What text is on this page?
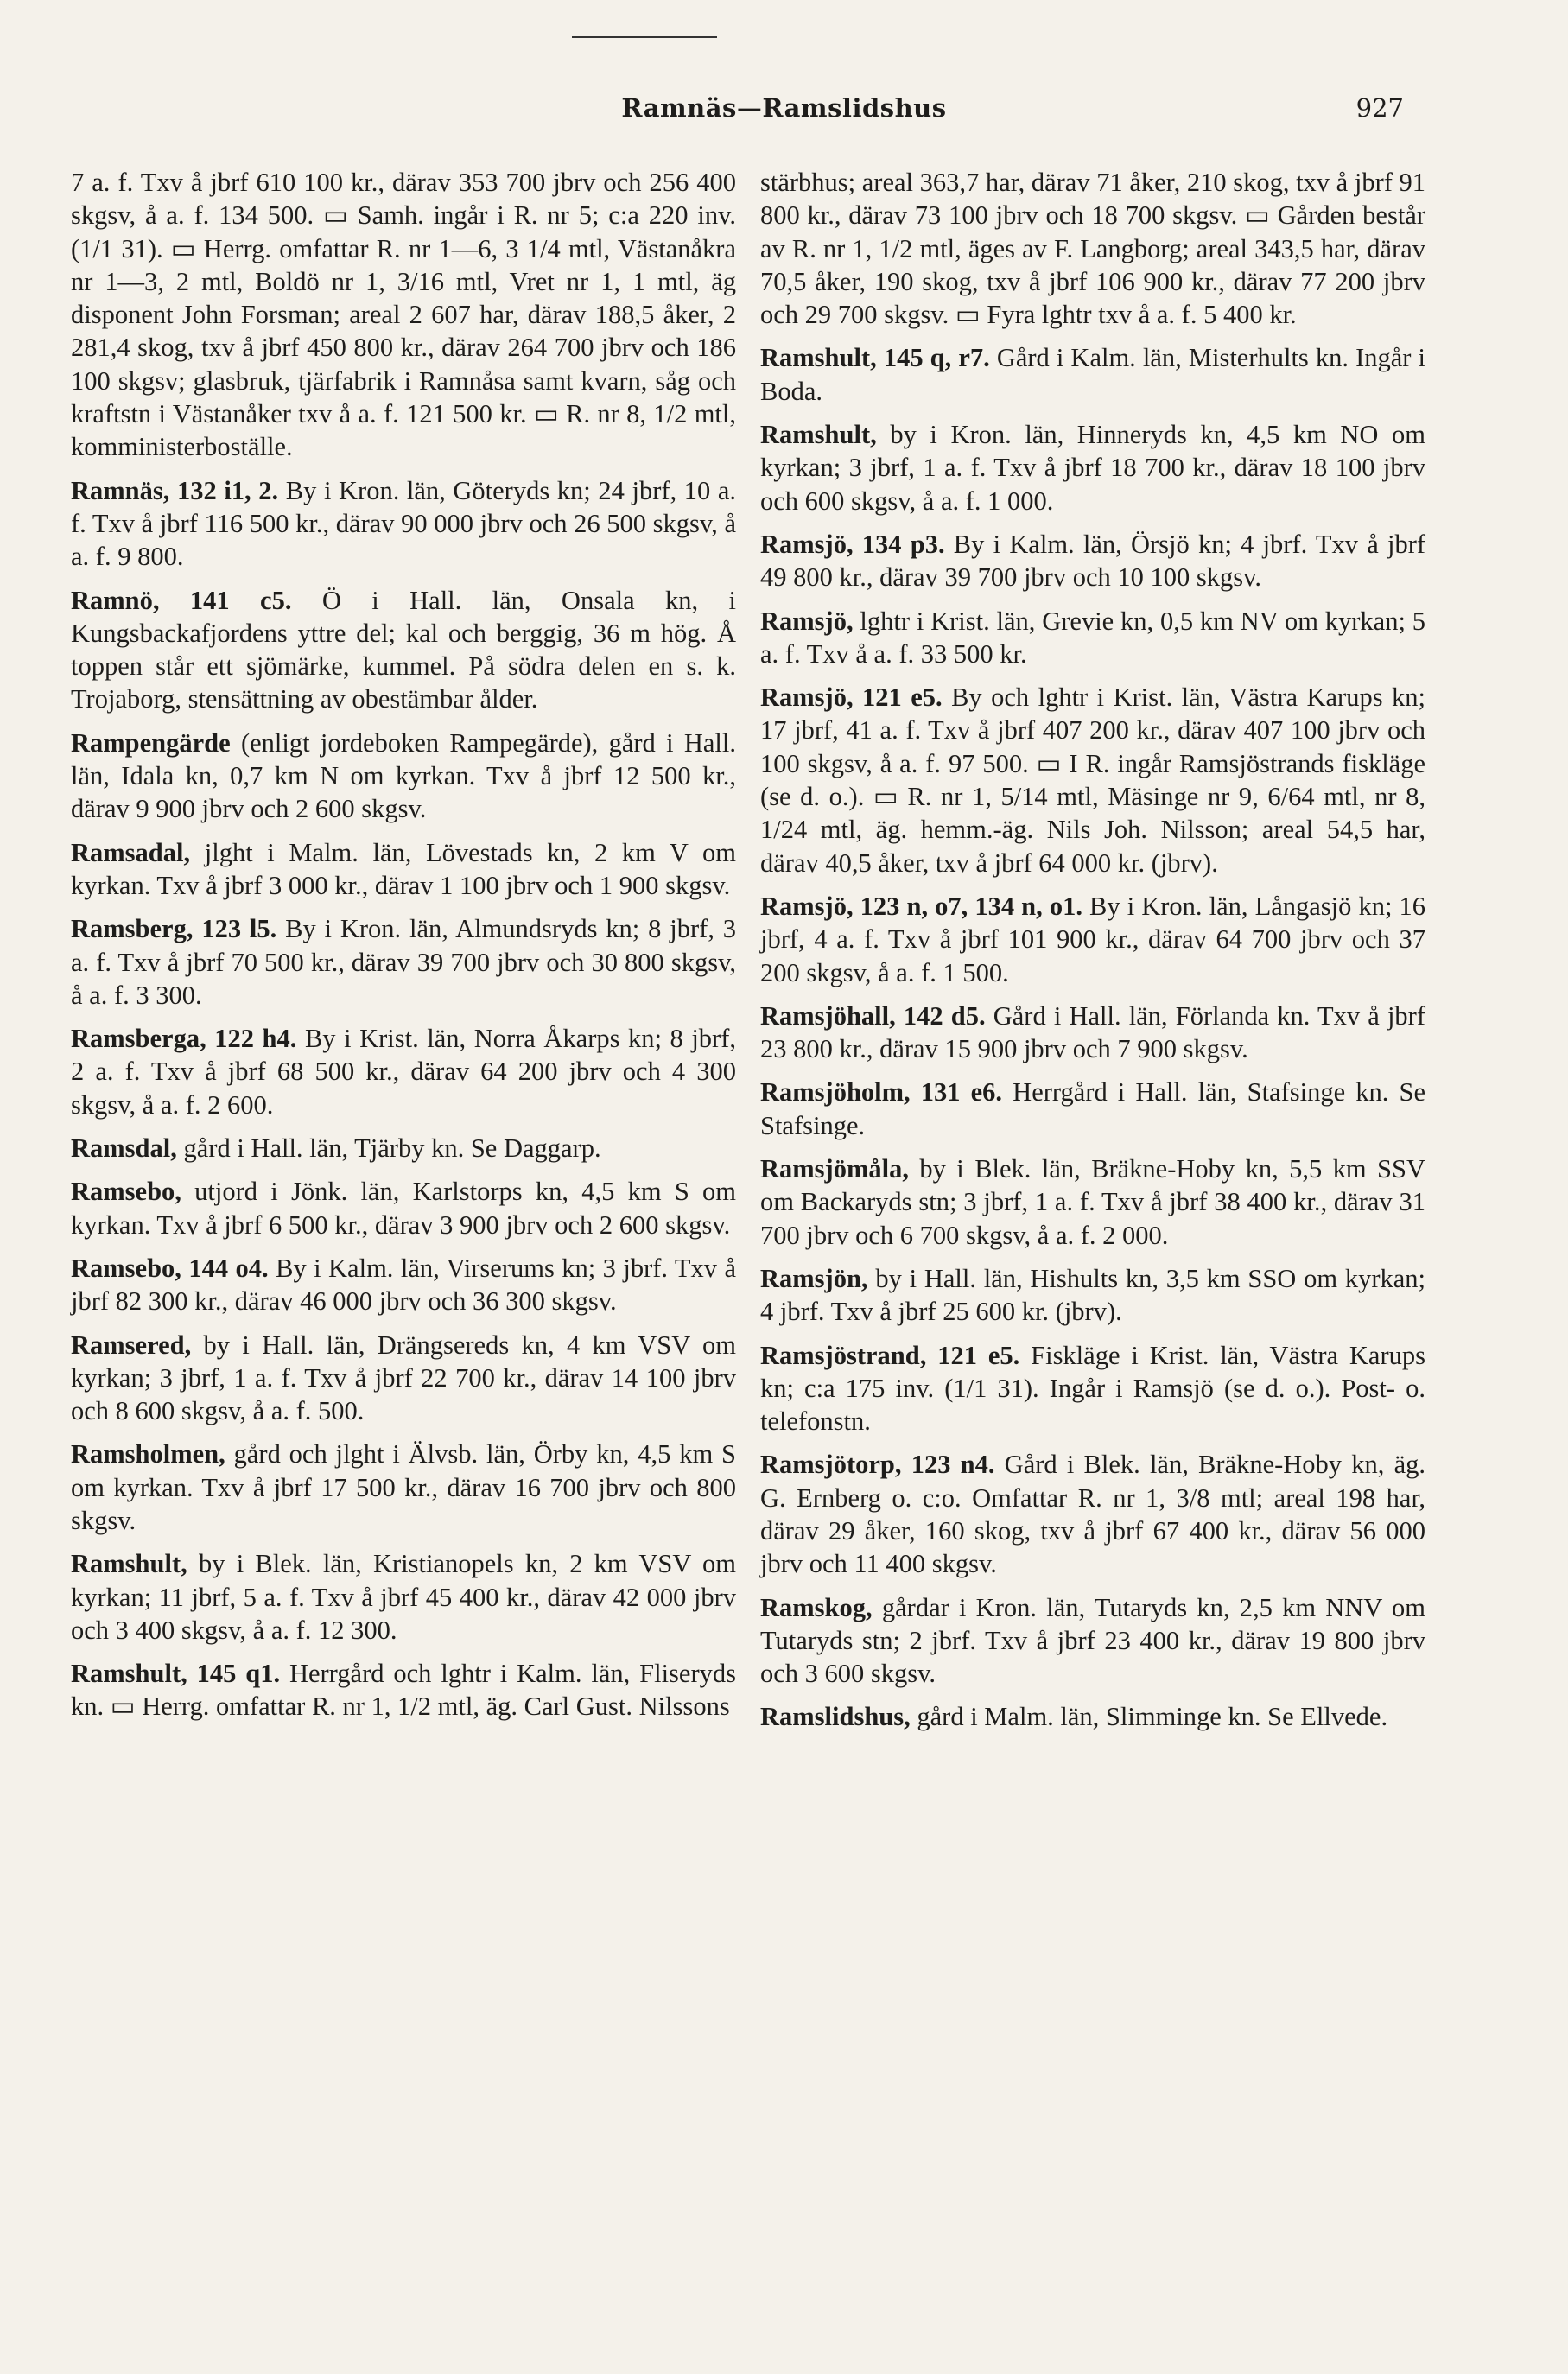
Ramnäs—Ramslidshus	927

7 a. f. Txv å jbrf 610 100 kr., därav 353 700 jbrv och 256 400 skgsv, å a. f. 134 500. ▭ Samh. ingår i R. nr 5; c:a 220 inv. (1/1 31). ▭ Herrg. omfattar R. nr 1—6, 3 1/4 mtl, Västanåkra nr 1—3, 2 mtl, Boldö nr 1, 3/16 mtl, Vret nr 1, 1 mtl, äg disponent John Forsman; areal 2 607 har, därav 188,5 åker, 2 281,4 skog, txv å jbrf 450 800 kr., därav 264 700 jbrv och 186 100 skgsv; glasbruk, tjärfabrik i Ramnåsa samt kvarn, såg och kraftstn i Västanåker txv å a. f. 121 500 kr. ▭ R. nr 8, 1/2 mtl, komministerboställe.

Ramnäs, 132 i1, 2. By i Kron. län, Göteryds kn; 24 jbrf, 10 a. f. Txv å jbrf 116 500 kr., därav 90 000 jbrv och 26 500 skgsv, å a. f. 9 800.

Ramnö, 141 c5. Ö i Hall. län, Onsala kn, i Kungsbackafjordens yttre del; kal och berggig, 36 m hög. Å toppen står ett sjömärke, kummel. På södra delen en s. k. Trojaborg, stensättning av obestämbar ålder.

Rampengärde (enligt jordeboken Rampegärde), gård i Hall. län, Idala kn, 0,7 km N om kyrkan. Txv å jbrf 12 500 kr., därav 9 900 jbrv och 2 600 skgsv.

Ramsadal, jlght i Malm. län, Lövestads kn, 2 km V om kyrkan. Txv å jbrf 3 000 kr., därav 1 100 jbrv och 1 900 skgsv.

Ramsberg, 123 l5. By i Kron. län, Almundsryds kn; 8 jbrf, 3 a. f. Txv å jbrf 70 500 kr., därav 39 700 jbrv och 30 800 skgsv, å a. f. 3 300.

Ramsberga, 122 h4. By i Krist. län, Norra Åkarps kn; 8 jbrf, 2 a. f. Txv å jbrf 68 500 kr., därav 64 200 jbrv och 4 300 skgsv, å a. f. 2 600.

Ramsdal, gård i Hall. län, Tjärby kn. Se Daggarp.

Ramsebo, utjord i Jönk. län, Karlstorps kn, 4,5 km S om kyrkan. Txv å jbrf 6 500 kr., därav 3 900 jbrv och 2 600 skgsv.

Ramsebo, 144 o4. By i Kalm. län, Virserums kn; 3 jbrf. Txv å jbrf 82 300 kr., därav 46 000 jbrv och 36 300 skgsv.

Ramsered, by i Hall. län, Drängsereds kn, 4 km VSV om kyrkan; 3 jbrf, 1 a. f. Txv å jbrf 22 700 kr., därav 14 100 jbrv och 8 600 skgsv, å a. f. 500.

Ramsholmen, gård och jlght i Älvsb. län, Örby kn, 4,5 km S om kyrkan. Txv å jbrf 17 500 kr., därav 16 700 jbrv och 800 skgsv.

Ramshult, by i Blek. län, Kristianopels kn, 2 km VSV om kyrkan; 11 jbrf, 5 a. f. Txv å jbrf 45 400 kr., därav 42 000 jbrv och 3 400 skgsv, å a. f. 12 300.

Ramshult, 145 q1. Herrgård och lghtr i Kalm. län, Fliseryds kn. ▭ Herrg. omfattar R. nr 1, 1/2 mtl, äg. Carl Gust. Nilssons

stärbhus; areal 363,7 har, därav 71 åker, 210 skog, txv å jbrf 91 800 kr., därav 73 100 jbrv och 18 700 skgsv. ▭ Gården består av R. nr 1, 1/2 mtl, äges av F. Langborg; areal 343,5 har, därav 70,5 åker, 190 skog, txv å jbrf 106 900 kr., därav 77 200 jbrv och 29 700 skgsv. ▭ Fyra lghtr txv å a. f. 5 400 kr.

Ramshult, 145 q, r7. Gård i Kalm. län, Misterhults kn. Ingår i Boda.

Ramshult, by i Kron. län, Hinneryds kn, 4,5 km NO om kyrkan; 3 jbrf, 1 a. f. Txv å jbrf 18 700 kr., därav 18 100 jbrv och 600 skgsv, å a. f. 1 000.

Ramsjö, 134 p3. By i Kalm. län, Örsjö kn; 4 jbrf. Txv å jbrf 49 800 kr., därav 39 700 jbrv och 10 100 skgsv.

Ramsjö, lghtr i Krist. län, Grevie kn, 0,5 km NV om kyrkan; 5 a. f. Txv å a. f. 33 500 kr.

Ramsjö, 121 e5. By och lghtr i Krist. län, Västra Karups kn; 17 jbrf, 41 a. f. Txv å jbrf 407 200 kr., därav 407 100 jbrv och 100 skgsv, å a. f. 97 500. ▭ I R. ingår Ramsjöstrands fiskläge (se d. o.). ▭ R. nr 1, 5/14 mtl, Mäsinge nr 9, 6/64 mtl, nr 8, 1/24 mtl, äg. hemm.-äg. Nils Joh. Nilsson; areal 54,5 har, därav 40,5 åker, txv å jbrf 64 000 kr. (jbrv).

Ramsjö, 123 n, o7, 134 n, o1. By i Kron. län, Långasjö kn; 16 jbrf, 4 a. f. Txv å jbrf 101 900 kr., därav 64 700 jbrv och 37 200 skgsv, å a. f. 1 500.

Ramsjöhall, 142 d5. Gård i Hall. län, Förlanda kn. Txv å jbrf 23 800 kr., därav 15 900 jbrv och 7 900 skgsv.

Ramsjöholm, 131 e6. Herrgård i Hall. län, Stafsinge kn. Se Stafsinge.

Ramsjömåla, by i Blek. län, Bräkne-Hoby kn, 5,5 km SSV om Backaryds stn; 3 jbrf, 1 a. f. Txv å jbrf 38 400 kr., därav 31 700 jbrv och 6 700 skgsv, å a. f. 2 000.

Ramsjön, by i Hall. län, Hishults kn, 3,5 km SSO om kyrkan; 4 jbrf. Txv å jbrf 25 600 kr. (jbrv).

Ramsjöstrand, 121 e5. Fiskläge i Krist. län, Västra Karups kn; c:a 175 inv. (1/1 31). Ingår i Ramsjö (se d. o.). Post- o. telefonstn.

Ramsjötorp, 123 n4. Gård i Blek. län, Bräkne-Hoby kn, äg. G. Ernberg o. c:o. Omfattar R. nr 1, 3/8 mtl; areal 198 har, därav 29 åker, 160 skog, txv å jbrf 67 400 kr., därav 56 000 jbrv och 11 400 skgsv.

Ramskog, gårdar i Kron. län, Tutaryds kn, 2,5 km NNV om Tutaryds stn; 2 jbrf. Txv å jbrf 23 400 kr., därav 19 800 jbrv och 3 600 skgsv.

Ramslidshus, gård i Malm. län, Slimminge kn. Se Ellvede.
